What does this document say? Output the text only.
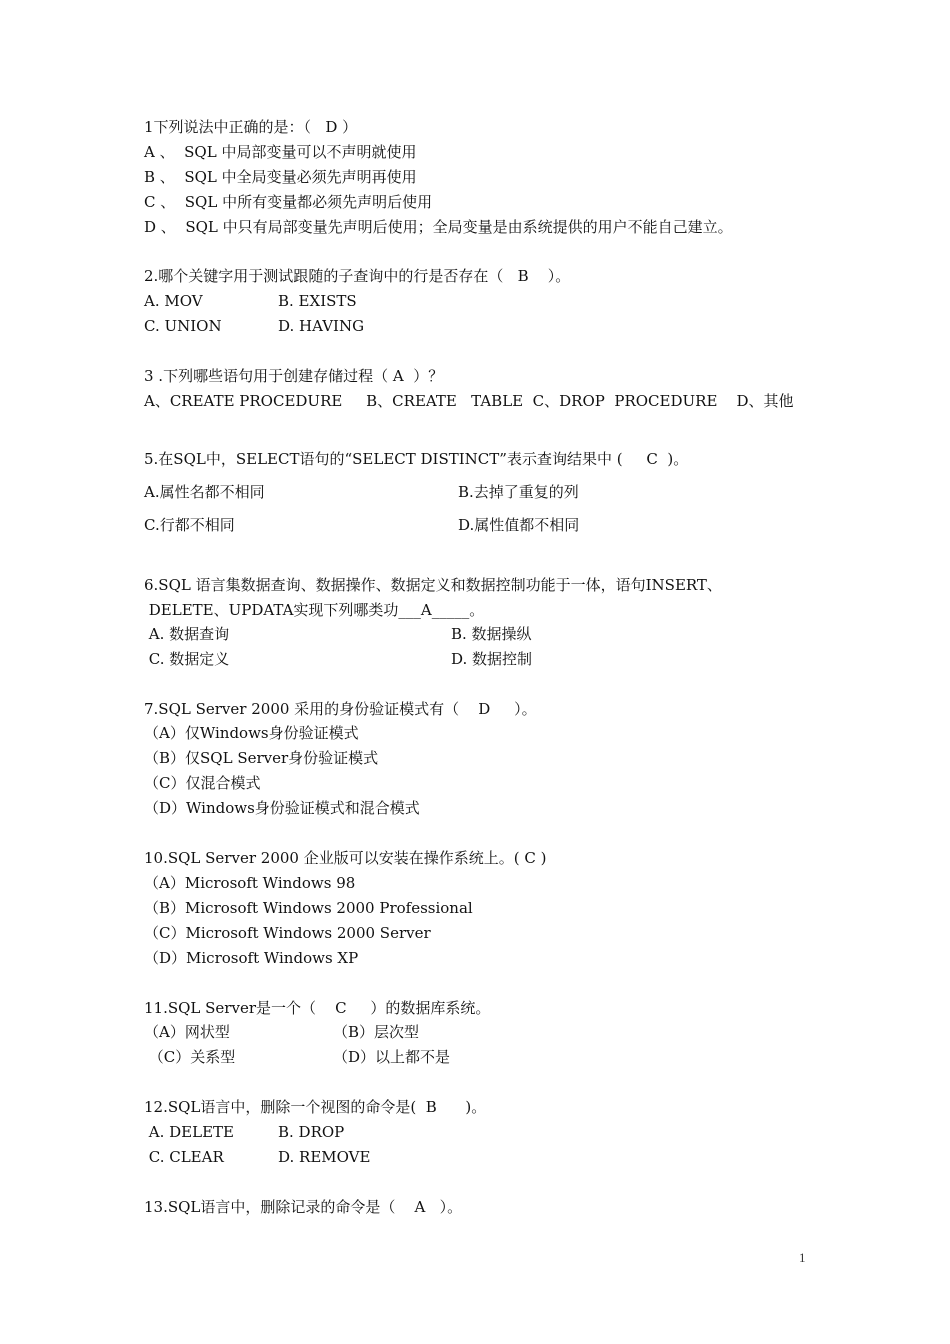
1下列说法中正确的是：（   D ）
A 、  SQL 中局部变量可以不声明就使用
B 、  SQL 中全局变量必须先声明再使用
C 、  SQL 中所有变量都必须先声明后使用
D 、  SQL 中只有局部变量先声明后使用；全局变量是由系统提供的用户不能自己建立。
2.哪个关键字用于测试跟随的子查询中的行是否存在（   B    ）。
A. MOV	B. EXISTS
C. UNION	D. HAVING
3 .下列哪些语句用于创建存储过程（ A  ）？
A、CREATE PROCEDURE     B、CREATE   TABLE  C、DROP  PROCEDURE    D、其他
5.在SQL中，SELECT语句的“SELECT DISTINCT”表示查询结果中 (     C  )。
A.属性名都不相同	B.去掉了重复的列
C.行都不相同	D.属性值都不相同
6.SQL 语言集数据查询、数据操作、数据定义和数据控制功能于一体，语句INSERT、
DELETE、UPDATA实现下列哪类功___A_____。
A. 数据查询	B. 数据操纵
C. 数据定义	D. 数据控制
7.SQL Server 2000 采用的身份验证模式有（    D     ）。
（A）仅Windows身份验证模式
（B）仅SQL Server身份验证模式
（C）仅混合模式
（D）Windows身份验证模式和混合模式
10.SQL Server 2000 企业版可以安装在操作系统上。( C )
（A）Microsoft Windows 98
（B）Microsoft Windows 2000 Professional
（C）Microsoft Windows 2000 Server
（D）Microsoft Windows XP
11.SQL Server是一个（    C     ）的数据库系统。
（A）网状型	（B）层次型
（C）关系型	（D）以上都不是
12.SQL语言中，删除一个视图的命令是(  B      )。
A. DELETE	B. DROP
C. CLEAR	D. REMOVE
13.SQL语言中，删除记录的命令是（    A   ）。
1
